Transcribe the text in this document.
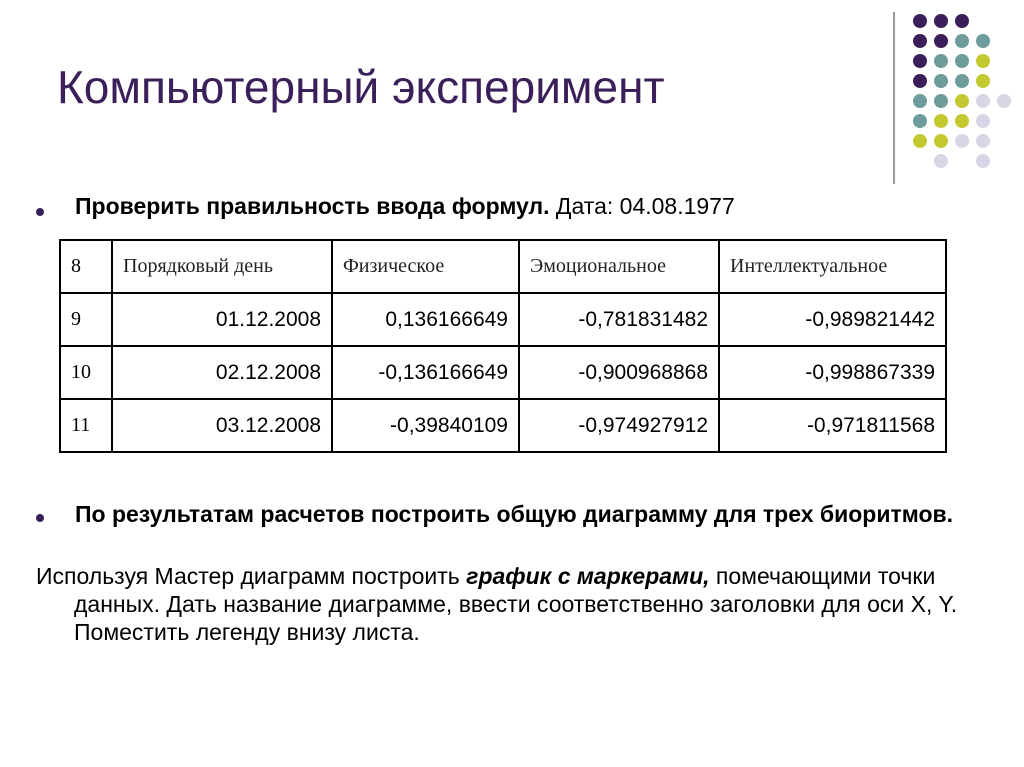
Компьютерный эксперимент
Проверить правильность ввода формул. Дата: 04.08.1977
8	Порядковый день	Физическое	Эмоциональное	Интеллектуальное
9	01.12.2008	0,136166649	-0,781831482	-0,989821442
10	02.12.2008	-0,136166649	-0,900968868	-0,998867339
11	03.12.2008	-0,39840109	-0,974927912	-0,971811568
По результатам расчетов построить общую диаграмму для трех биоритмов.
Используя Мастер диаграмм построить график с маркерами, помечающими точки данных. Дать название диаграмме, ввести соответственно заголовки для оси X, Y. Поместить легенду внизу листа.
